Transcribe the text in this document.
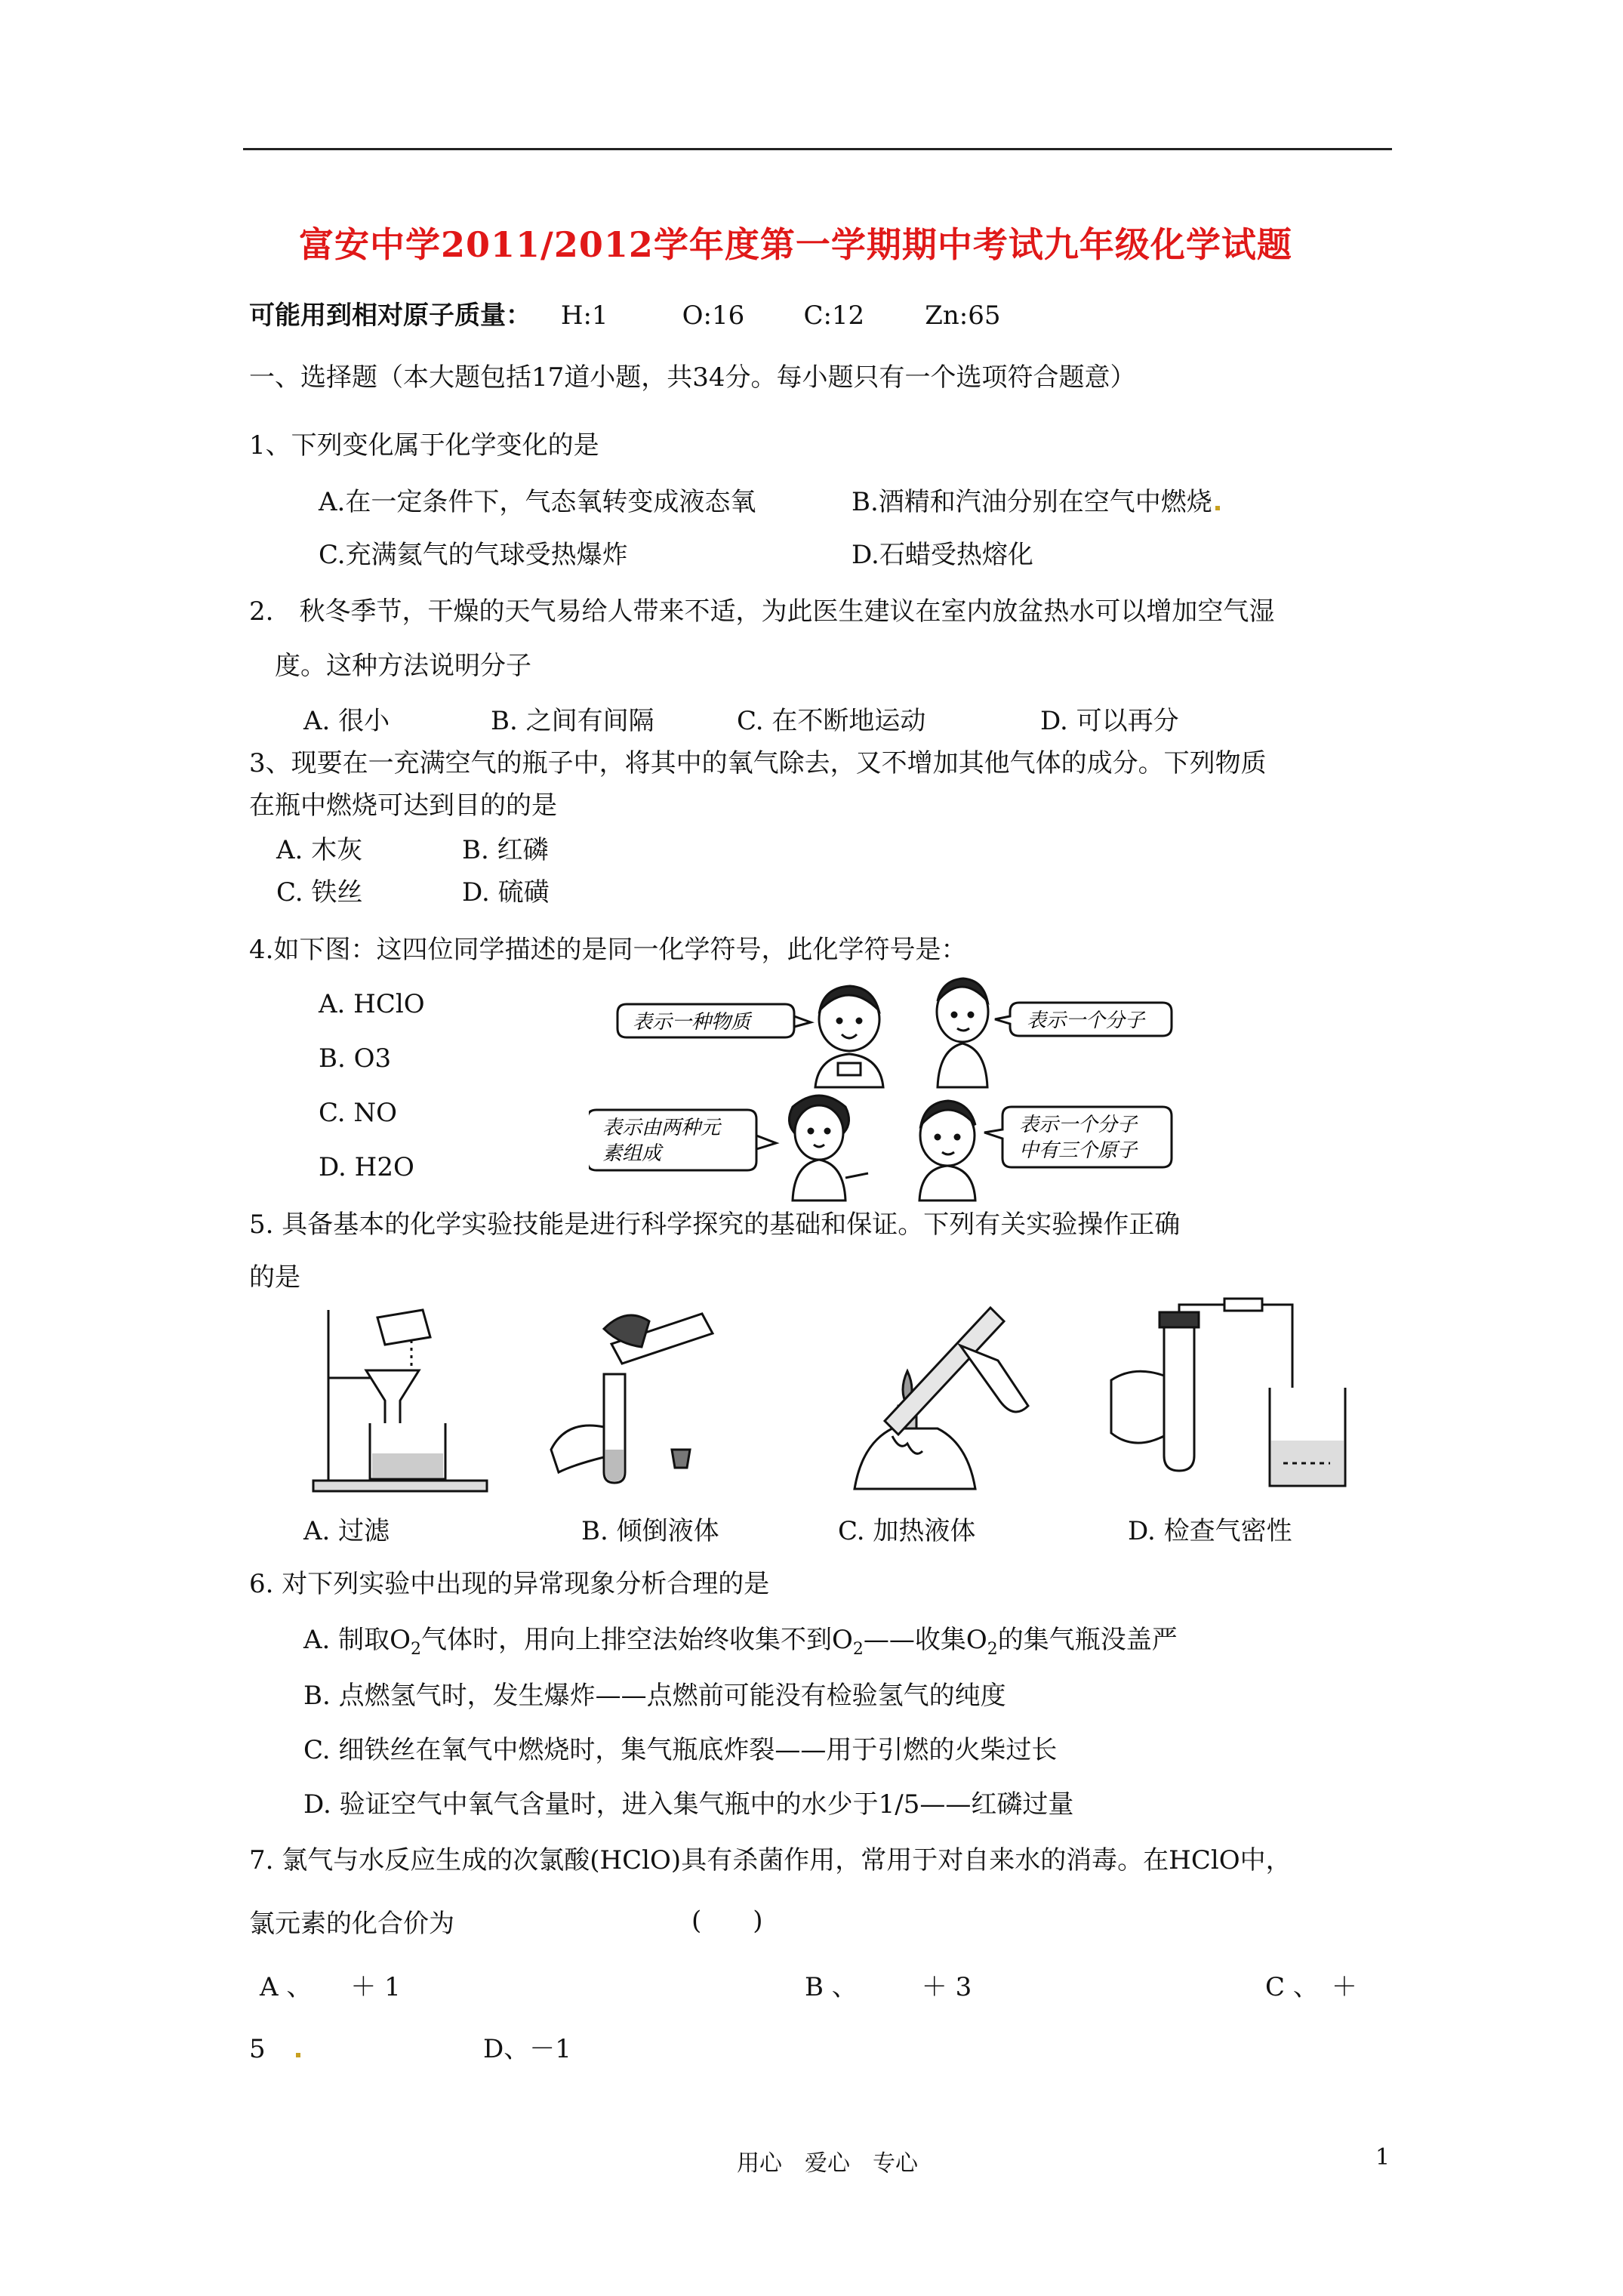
富安中学2011/2012学年度第一学期期中考试九年级化学试题
可能用到相对原子质量： H:1	O:16 C:12 Zn:65
一、选择题（本大题包括17道小题，共34分。每小题只有一个选项符合题意）
1、下列变化属于化学变化的是
A.在一定条件下，气态氧转变成液态氧	B.酒精和汽油分别在空气中燃烧
C.充满氦气的气球受热爆炸	D.石蜡受热熔化
2.　秋冬季节，干燥的天气易给人带来不适，为此医生建议在室内放盆热水可以增加空气湿
度。这种方法说明分子
A. 很小	B. 之间有间隔	C. 在不断地运动	D. 可以再分
3、现要在一充满空气的瓶子中，将其中的氧气除去，又不增加其他气体的成分。下列物质
在瓶中燃烧可达到目的的是
A. 木灰	B. 红磷
C. 铁丝	D. 硫磺
4.如下图：这四位同学描述的是同一化学符号，此化学符号是：
A. HClO
B. O3
C. NO
D. H2O
表示一种物质	表示一个分子
表示由两种元
素组成
表示一个分子
中有三个原子
5. 具备基本的化学实验技能是进行科学探究的基础和保证。下列有关实验操作正确
的是
A. 过滤	B. 倾倒液体	C. 加热液体	D. 检查气密性
6. 对下列实验中出现的异常现象分析合理的是
A. 制取$O_2$气体时，用向上排空法始终收集不到$O_2——$收集$O_2$的集气瓶没盖严
B. 点燃氢气时，发生爆炸——点燃前可能没有检验氢气的纯度
C. 细铁丝在氧气中燃烧时，集气瓶底炸裂——用于引燃的火柴过长
D. 验证空气中氧气含量时，进入集气瓶中的水少于1/5——红磷过量
7. 氯气与水反应生成的次氯酸(HClO)具有杀菌作用，常用于对自来水的消毒。在HClO中，
氯元素的化合价为	(　　)
A 、　　＋ 1	B 、　　　＋ 3	C 、　＋
5	D、－1
用心　爱心　专心	1
